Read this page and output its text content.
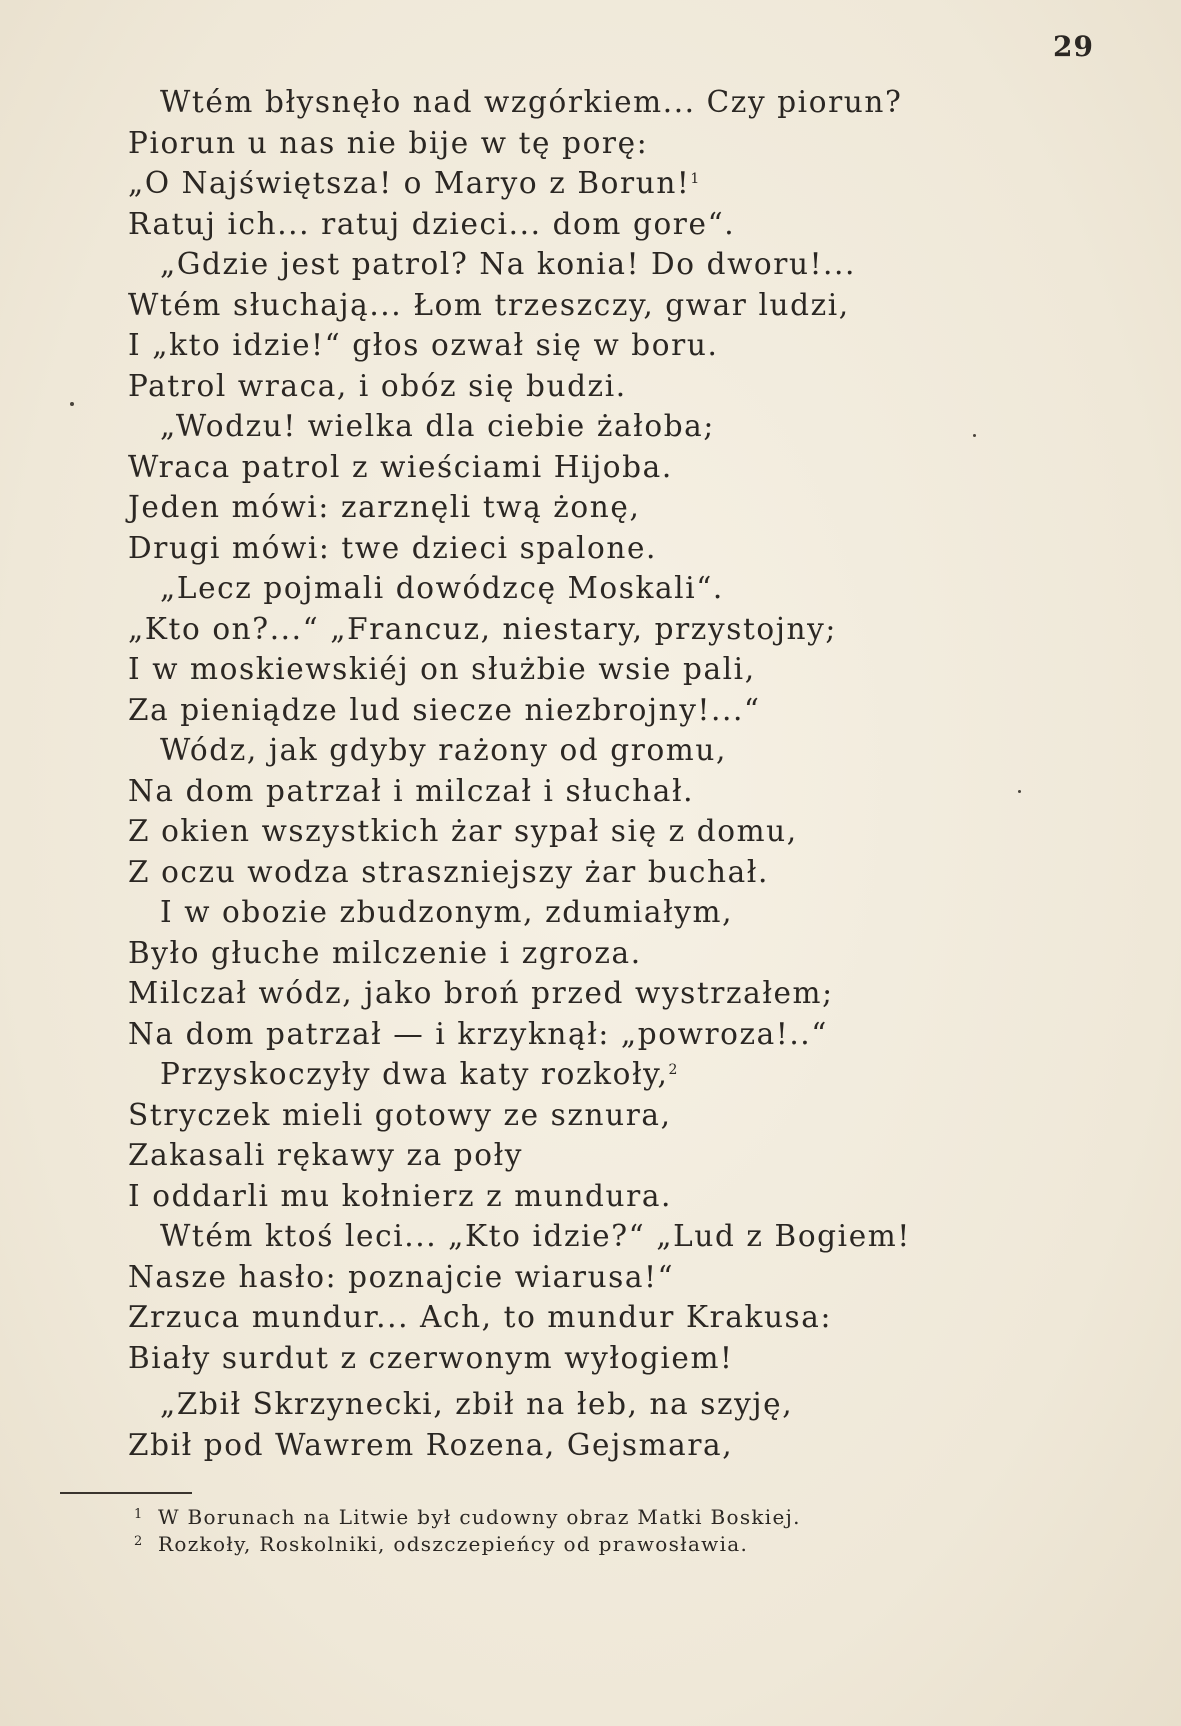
29
Wtém błysnęło nad wzgórkiem... Czy piorun?
Piorun u nas nie bije w tę porę:
„O Najświętsza! o Maryo z Borun!$^1$
Ratuj ich... ratuj dzieci... dom gore“.
„Gdzie jest patrol? Na konia! Do dworu!...
Wtém słuchają... Łom trzeszczy, gwar ludzi,
I „kto idzie!“ głos ozwał się w boru.
Patrol wraca, i obóz się budzi.
„Wodzu! wielka dla ciebie żałoba;
Wraca patrol z wieściami Hijoba.
Jeden mówi: zarznęli twą żonę,
Drugi mówi: twe dzieci spalone.
„Lecz pojmali dowódzcę Moskali“.
„Kto on?...“ „Francuz, niestary, przystojny;
I w moskiewskiéj on służbie wsie pali,
Za pieniądze lud siecze niezbrojny!...“
Wódz, jak gdyby rażony od gromu,
Na dom patrzał i milczał i słuchał.
Z okien wszystkich żar sypał się z domu,
Z oczu wodza straszniejszy żar buchał.
I w obozie zbudzonym, zdumiałym,
Było głuche milczenie i zgroza.
Milczał wódz, jako broń przed wystrzałem;
Na dom patrzał — i krzyknął: „powroza!..“
Przyskoczyły dwa katy rozkoły,$^2$
Stryczek mieli gotowy ze sznura,
Zakasali rękawy za poły
I oddarli mu kołnierz z mundura.
Wtém ktoś leci... „Kto idzie?“ „Lud z Bogiem!
Nasze hasło: poznajcie wiarusa!“
Zrzuca mundur... Ach, to mundur Krakusa:
Biały surdut z czerwonym wyłogiem!
„Zbił Skrzynecki, zbił na łeb, na szyję,
Zbił pod Wawrem Rozena, Gejsmara,
1 W Borunach na Litwie był cudowny obraz Matki Boskiej.
2 Rozkoły, Roskolniki, odszczepieńcy od prawosławia.
